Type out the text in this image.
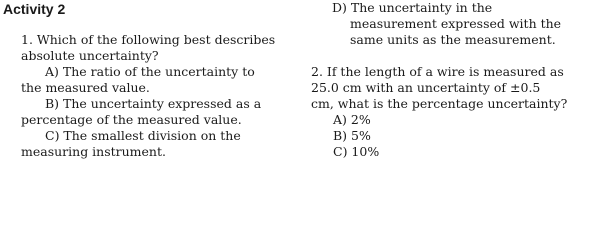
Activity 2
1. Which of the following best describes
absolute uncertainty?
A) The ratio of the uncertainty to
the measured value.
B) The uncertainty expressed as a
percentage of the measured value.
C) The smallest division on the
measuring instrument.
D) The uncertainty in the
measurement expressed with the
same units as the measurement.
2. If the length of a wire is measured as
25.0 cm with an uncertainty of ±0.5
cm, what is the percentage uncertainty?
A) 2%
B) 5%
C) 10%
